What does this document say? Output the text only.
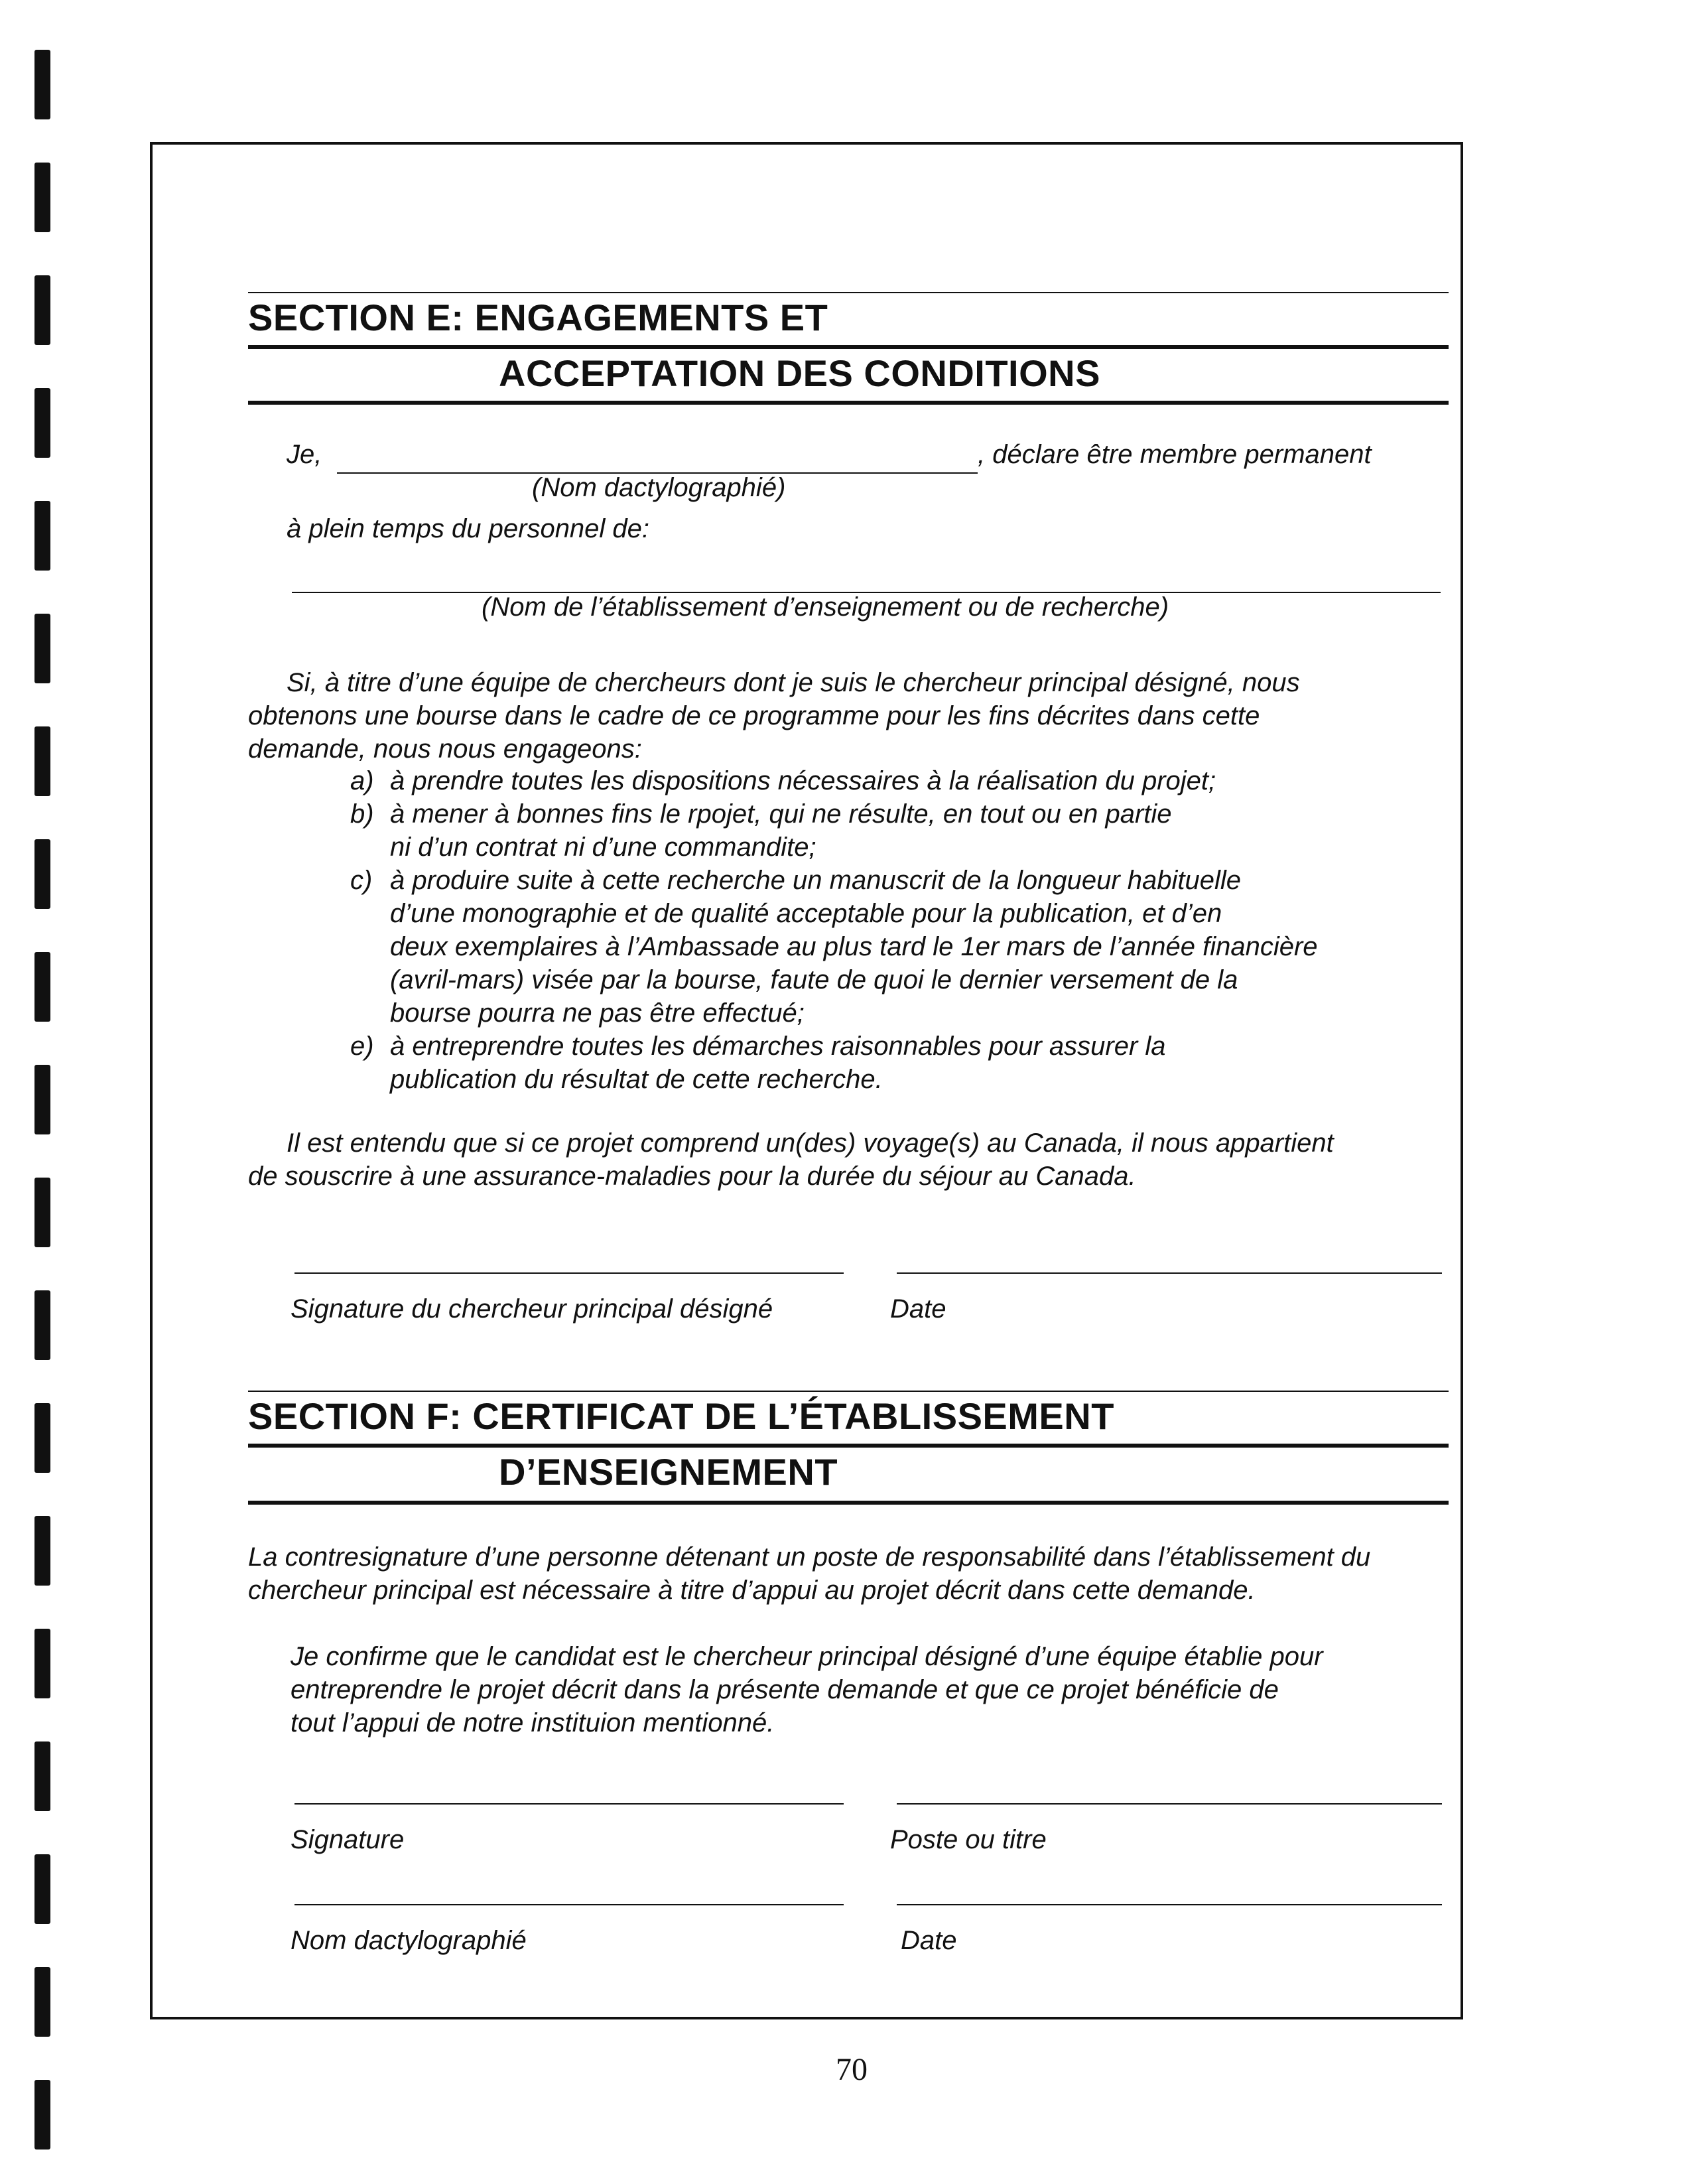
SECTION E: ENGAGEMENTS ET
ACCEPTATION DES CONDITIONS
Je,	, déclare être membre permanent
(Nom dactylographié)
à plein temps du personnel de:
(Nom de l’établissement d’enseignement ou de recherche)
Si, à titre d’une équipe de chercheurs dont je suis le chercheur principal désigné, nous
obtenons une bourse dans le cadre de ce programme pour les fins décrites dans cette
demande, nous nous engageons:
a) à prendre toutes les dispositions nécessaires à la réalisation du projet;
b) à mener à bonnes fins le rpojet, qui ne résulte, en tout ou en partie
ni d’un contrat ni d’une commandite;
c) à produire suite à cette recherche un manuscrit de la longueur habituelle
d’une monographie et de qualité acceptable pour la publication, et d’en
deux exemplaires à l’Ambassade au plus tard le 1er mars de l’année financière
(avril-mars) visée par la bourse, faute de quoi le dernier versement de la
bourse pourra ne pas être effectué;
e) à entreprendre toutes les démarches raisonnables pour assurer la
publication du résultat de cette recherche.
Il est entendu que si ce projet comprend un(des) voyage(s) au Canada, il nous appartient
de souscrire à une assurance-maladies pour la durée du séjour au Canada.
Signature du chercheur principal désigné	Date
SECTION F: CERTIFICAT DE L’ÉTABLISSEMENT
D’ENSEIGNEMENT
La contresignature d’une personne détenant un poste de responsabilité dans l’établissement du
chercheur principal est nécessaire à titre d’appui au projet décrit dans cette demande.
Je confirme que le candidat est le chercheur principal désigné d’une équipe établie pour
entreprendre le projet décrit dans la présente demande et que ce projet bénéficie de
tout l’appui de notre instituion mentionné.
Signature	Poste ou titre
Nom dactylographié	Date
70
